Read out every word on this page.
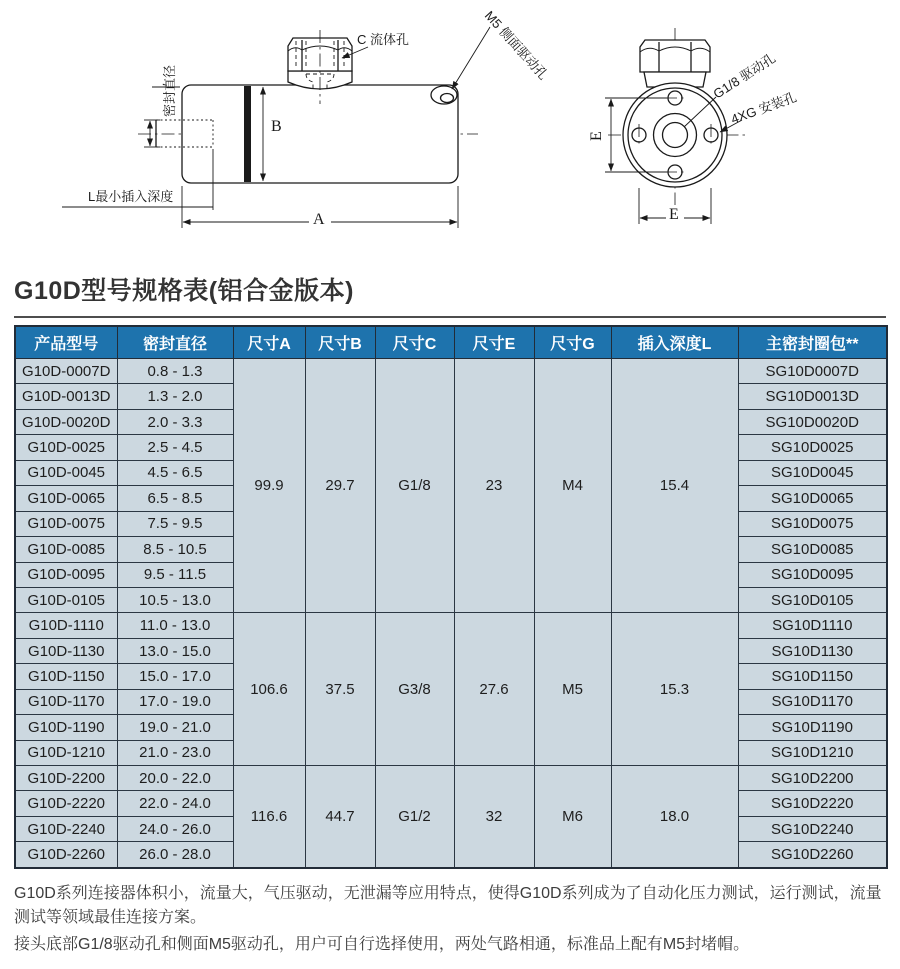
密封直径
B
L最小插入深度
A
C 流体孔	M5 侧面驱动孔
E
E
G1/8 驱动孔
4XG 安装孔
G10D型号规格表(铝合金版本)
产品型号	密封直径	尺寸A	尺寸B	尺寸C	尺寸E	尺寸G	插入深度L	主密封圈包**
G10D-0007D	0.8 - 1.3	99.9	29.7	G1/8	23	M4	15.4	SG10D0007D
G10D-0013D	1.3 - 2.0							SG10D0013D
G10D-0020D	2.0 - 3.3							SG10D0020D
G10D-0025	2.5 - 4.5							SG10D0025
G10D-0045	4.5 - 6.5							SG10D0045
G10D-0065	6.5 - 8.5							SG10D0065
G10D-0075	7.5 - 9.5							SG10D0075
G10D-0085	8.5 - 10.5							SG10D0085
G10D-0095	9.5 - 11.5							SG10D0095
G10D-0105	10.5 - 13.0							SG10D0105
G10D-1110	11.0 - 13.0	106.6	37.5	G3/8	27.6	M5	15.3	SG10D1110
G10D-1130	13.0 - 15.0							SG10D1130
G10D-1150	15.0 - 17.0							SG10D1150
G10D-1170	17.0 - 19.0							SG10D1170
G10D-1190	19.0 - 21.0							SG10D1190
G10D-1210	21.0 - 23.0							SG10D1210
G10D-2200	20.0 - 22.0	116.6	44.7	G1/2	32	M6	18.0	SG10D2200
G10D-2220	22.0 - 24.0							SG10D2220
G10D-2240	24.0 - 26.0							SG10D2240
G10D-2260	26.0 - 28.0							SG10D2260

G10D系列连接器体积小，流量大，气压驱动，无泄漏等应用特点，使得G10D系列成为了自动化压力测试，运行测试，流量测试等领域最佳连接方案。

接头底部G1/8驱动孔和侧面M5驱动孔，用户可自行选择使用，两处气路相通，标准品上配有M5封堵帽。
